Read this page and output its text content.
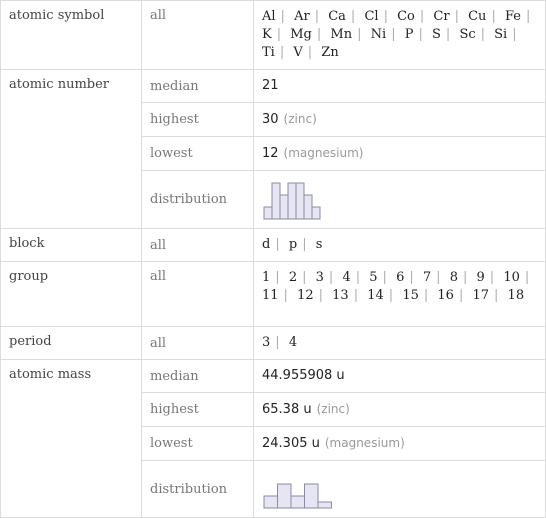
atomic symbol	all	Al | Ar | Ca | Cl | Co | Cr | Cu | Fe | K | Mg | Mn | Ni | P | S | Sc | Si | Ti | V | Zn
atomic number	median	21
	highest	30 (zinc)
	lowest	12 (magnesium)
	distribution	

block	all	d | p | s
group	all	1 | 2 | 3 | 4 | 5 | 6 | 7 | 8 | 9 | 10 | 11 | 12 | 13 | 14 | 15 | 16 | 17 | 18
period	all	3 | 4
atomic mass	median	44.955908 u
	highest	65.38 u (zinc)
	lowest	24.305 u (magnesium)
	distribution	
